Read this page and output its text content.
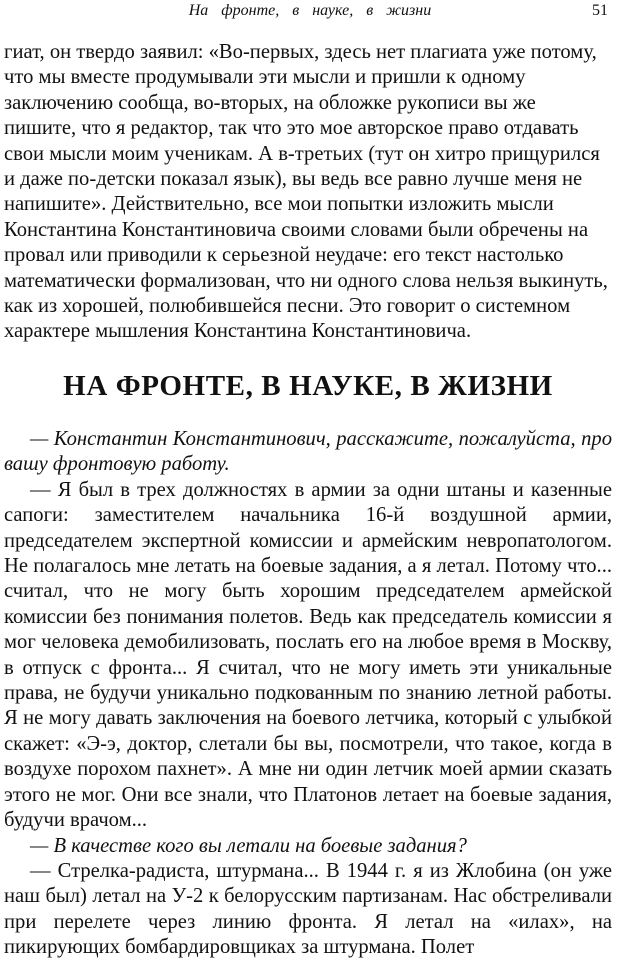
На фронте, в науке, в жизни	51

гиат, он твердо заявил: «Во-первых, здесь нет плагиата уже потому, что мы вместе продумывали эти мысли и пришли к одному заключению сообща, во-вторых, на обложке рукописи вы же пишите, что я редактор, так что это мое авторское право отдавать свои мысли моим ученикам. А в-третьих (тут он хитро прищурился и даже по-детски показал язык), вы ведь все равно лучше меня не напишите». Действительно, все мои попытки изложить мысли Константина Константиновича своими словами были обречены на провал или приводили к серьезной неудаче: его текст настолько математически формализован, что ни одного слова нельзя выкинуть, как из хорошей, полюбившейся песни. Это говорит о системном характере мышления Константина Константиновича.

НА ФРОНТЕ, В НАУКЕ, В ЖИЗНИ

— Константин Константинович, расскажите, пожалуйста, про вашу фронтовую работу.

— Я был в трех должностях в армии за одни штаны и казенные сапоги: заместителем начальника 16-й воздушной армии, председателем экспертной комиссии и армейским невропатологом. Не полагалось мне летать на боевые задания, а я летал. Потому что... считал, что не могу быть хорошим председателем армейской комиссии без понимания полетов. Ведь как председатель комиссии я мог человека демобилизовать, послать его на любое время в Москву, в отпуск с фронта... Я считал, что не могу иметь эти уникальные права, не будучи уникально подкованным по знанию летной работы. Я не могу давать заключения на боевого летчика, который с улыбкой скажет: «Э-э, доктор, слетали бы вы, посмотрели, что такое, когда в воздухе порохом пахнет». А мне ни один летчик моей армии сказать этого не мог. Они все знали, что Платонов летает на боевые задания, будучи врачом...

— В качестве кого вы летали на боевые задания?

— Стрелка-радиста, штурмана... В 1944 г. я из Жлобина (он уже наш был) летал на У-2 к белорусским партизанам. Нас обстреливали при перелете через линию фронта. Я летал на «илах», на пикирующих бомбардировщиках за штурмана. Полет
